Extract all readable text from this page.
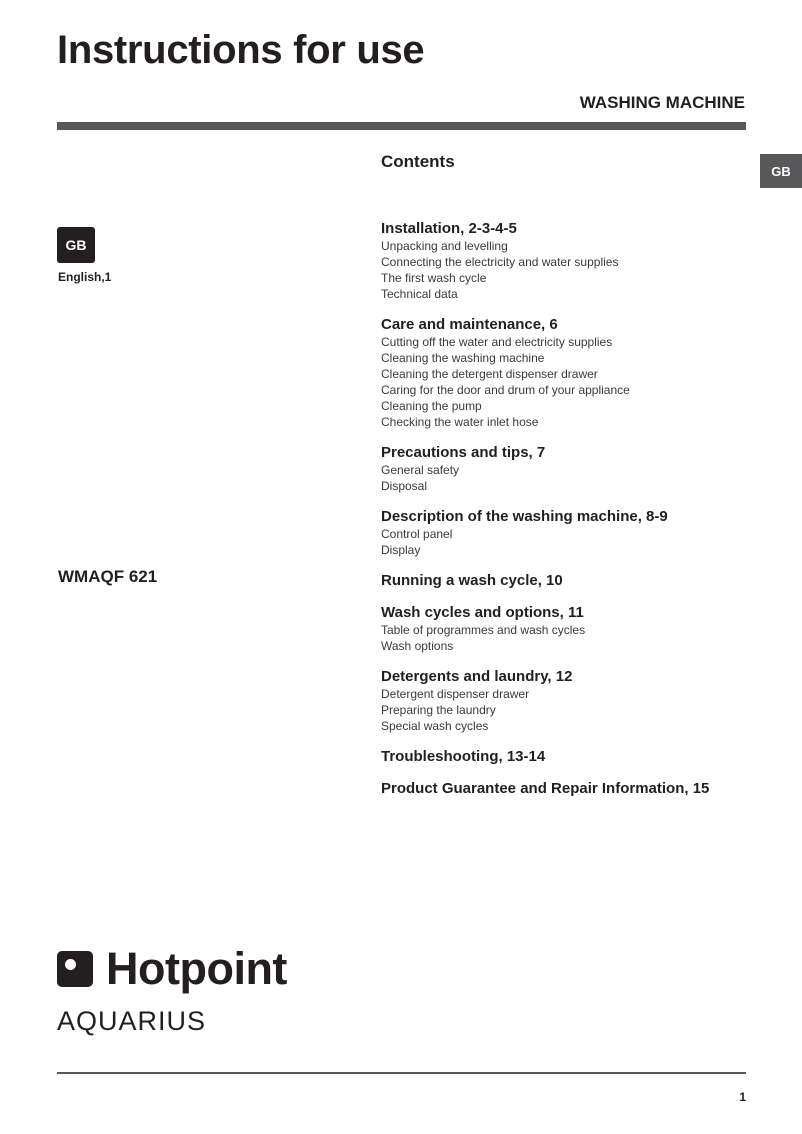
Instructions for use
WASHING MACHINE
GB
GB
English,1
WMAQF 621
Contents
Installation, 2-3-4-5
Unpacking and levelling
Connecting the electricity and water supplies
The first wash cycle
Technical data
Care and maintenance, 6
Cutting off the water and electricity supplies
Cleaning the washing machine
Cleaning the detergent dispenser drawer
Caring for the door and drum of your appliance
Cleaning the pump
Checking the water inlet hose
Precautions and tips, 7
General safety
Disposal
Description of the washing machine, 8-9
Control panel
Display
Running a wash cycle, 10
Wash cycles and options, 11
Table of programmes and wash cycles
Wash options
Detergents and laundry, 12
Detergent dispenser drawer
Preparing the laundry
Special wash cycles
Troubleshooting, 13-14
Product Guarantee and Repair Information, 15
Hotpoint
AQUARIUS
1
